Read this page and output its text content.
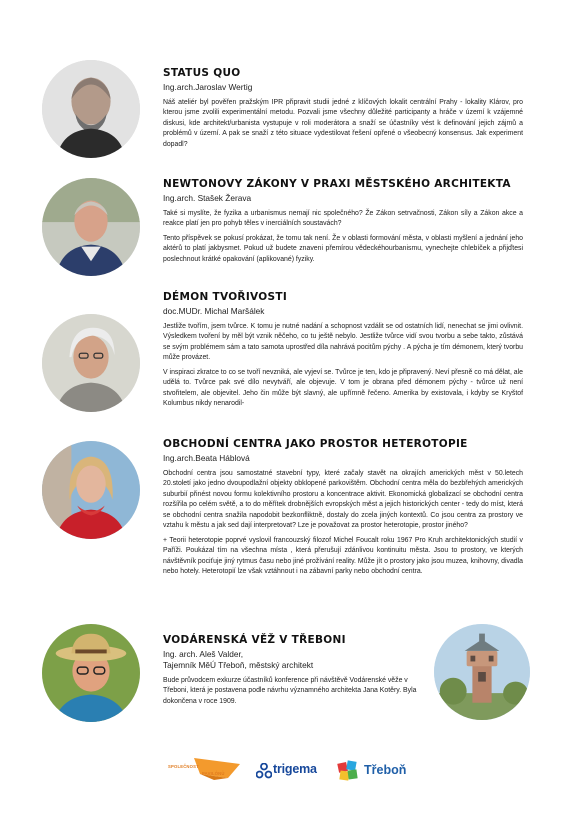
STATUS QUO
Ing.arch.Jaroslav Wertig
Náš ateliér byl pověřen pražským IPR připravit studii jedné z klíčových lokalit centrální Prahy - lokality Klárov, pro kterou jsme zvolili experimentální metodu. Pozvali jsme všechny důležité participanty a hráče v území k vzájemné diskusi, kde architekt/urbanista vystupuje v roli moderátora a snaží se účastníky vést k definování jejich zájmů a problémů v území. A pak se snaží z této situace vydestilovat řešení opřené o všeobecný konsensus. Jak experiment dopadl?
NEWTONOVY ZÁKONY V PRAXI MĚSTSKÉHO ARCHITEKTA
Ing.arch. Stašek Žerava
Také si myslíte, že fyzika a urbanismus nemají nic společného? Že Zákon setrvačnosti, Zákon síly a Zákon akce a reakce platí jen pro pohyb těles v inerciálních soustavách?
Tento příspěvek se pokusí prokázat, že tomu tak není. Že v oblasti formování města, v oblasti myšlení a jednání jeho aktérů to platí jakbysmet. Pokud už budete znaveni přemírou vědeckéhourbanismu, vynechejte chlebíček a přijďtesi poslechnout krátké opakování (aplikované) fyziky.
DÉMON TVOŘIVOSTI
doc.MUDr. Michal Maršálek
Jestliže tvořím, jsem tvůrce. K tomu je nutné nadání a schopnost vzdálit se od ostatních lidí, nenechat se jimi ovlivnit. Výsledkem tvoření by měl být vznik něčeho, co tu ještě nebylo. Jestliže tvůrce vidí svou tvorbu a sebe takto, zůstává se svým problémem sám a tato samota uprostřed díla nahrává pocitům pýchy . A pýcha je tím démonem, který tvorbu může provázet.
V inspiraci zkratce to co se tvoří nevzniká, ale vyjeví se. Tvůrce je ten, kdo je připravený. Neví přesně co má dělat, ale udělá to. Tvůrce pak své dílo nevytváří, ale objevuje. V tom je obrana před démonem pýchy - tvůrce už není stvořitelem, ale objevitel. Jeho čin může být slavný, ale upřímně řečeno. Amerika by existovala, i kdyby se Kryštof Kolumbus nikdy nenarodil-
OBCHODNÍ CENTRA JAKO PROSTOR HETEROTOPIE
Ing.arch.Beata Háblová
Obchodní centra jsou samostatné stavební typy, které začaly stavět na okrajích amerických měst v 50.letech 20.století jako jedno dvoupodlažní objekty obklopené parkovištěm. Obchodní centra měla do bezbřehých amerických suburbií přinést novou formu kolektivního prostoru a koncentrace aktivit. Ekonomická globalizací se obchodní centra rozšířila po celém světě, a to do měřítek drobnějších evropských měst a jejich historických center - tedy do míst, která se obchodní centra snažila napodobit bezkonfliktně, dostaly do zcela jiných kontextů. Co jsou centra za prostory ve vztahu k městu a jak sed dají interpretovat? Lze je považovat za prostor heterotopie, prostor jiného?
+ Teorii heterotopie poprvé vyslovil francouzský filozof Michel Foucalt roku 1967 Pro Kruh architektonických studií v Paříži. Poukázal tím na všechna místa , která přerušují zdánlivou kontinuitu města. Jsou to prostory, ve kterých návštěvník pociťuje jiný rytmus času nebo jiné prožívání reality. Může jít o prostory jako jsou muzea, knihovny, divadla nebo hotely. Heterotopií lze však vztáhnout i na zábavní parky nebo obchodní centra.
VODÁRENSKÁ VĚŽ V TŘEBONI
Ing. arch. Aleš Valder,
Tajemník MěÚ Třeboň, městský architekt
Bude průvodcem exkurze účastníků konference při návštěvě Vodárenské věže v Třeboni, která je postavena podle návrhu významného architekta Jana Kotěry. Byla dokončena v roce 1909.
SPOLEČNOST
PAVILÓNŮ	trigema	Třeboň
